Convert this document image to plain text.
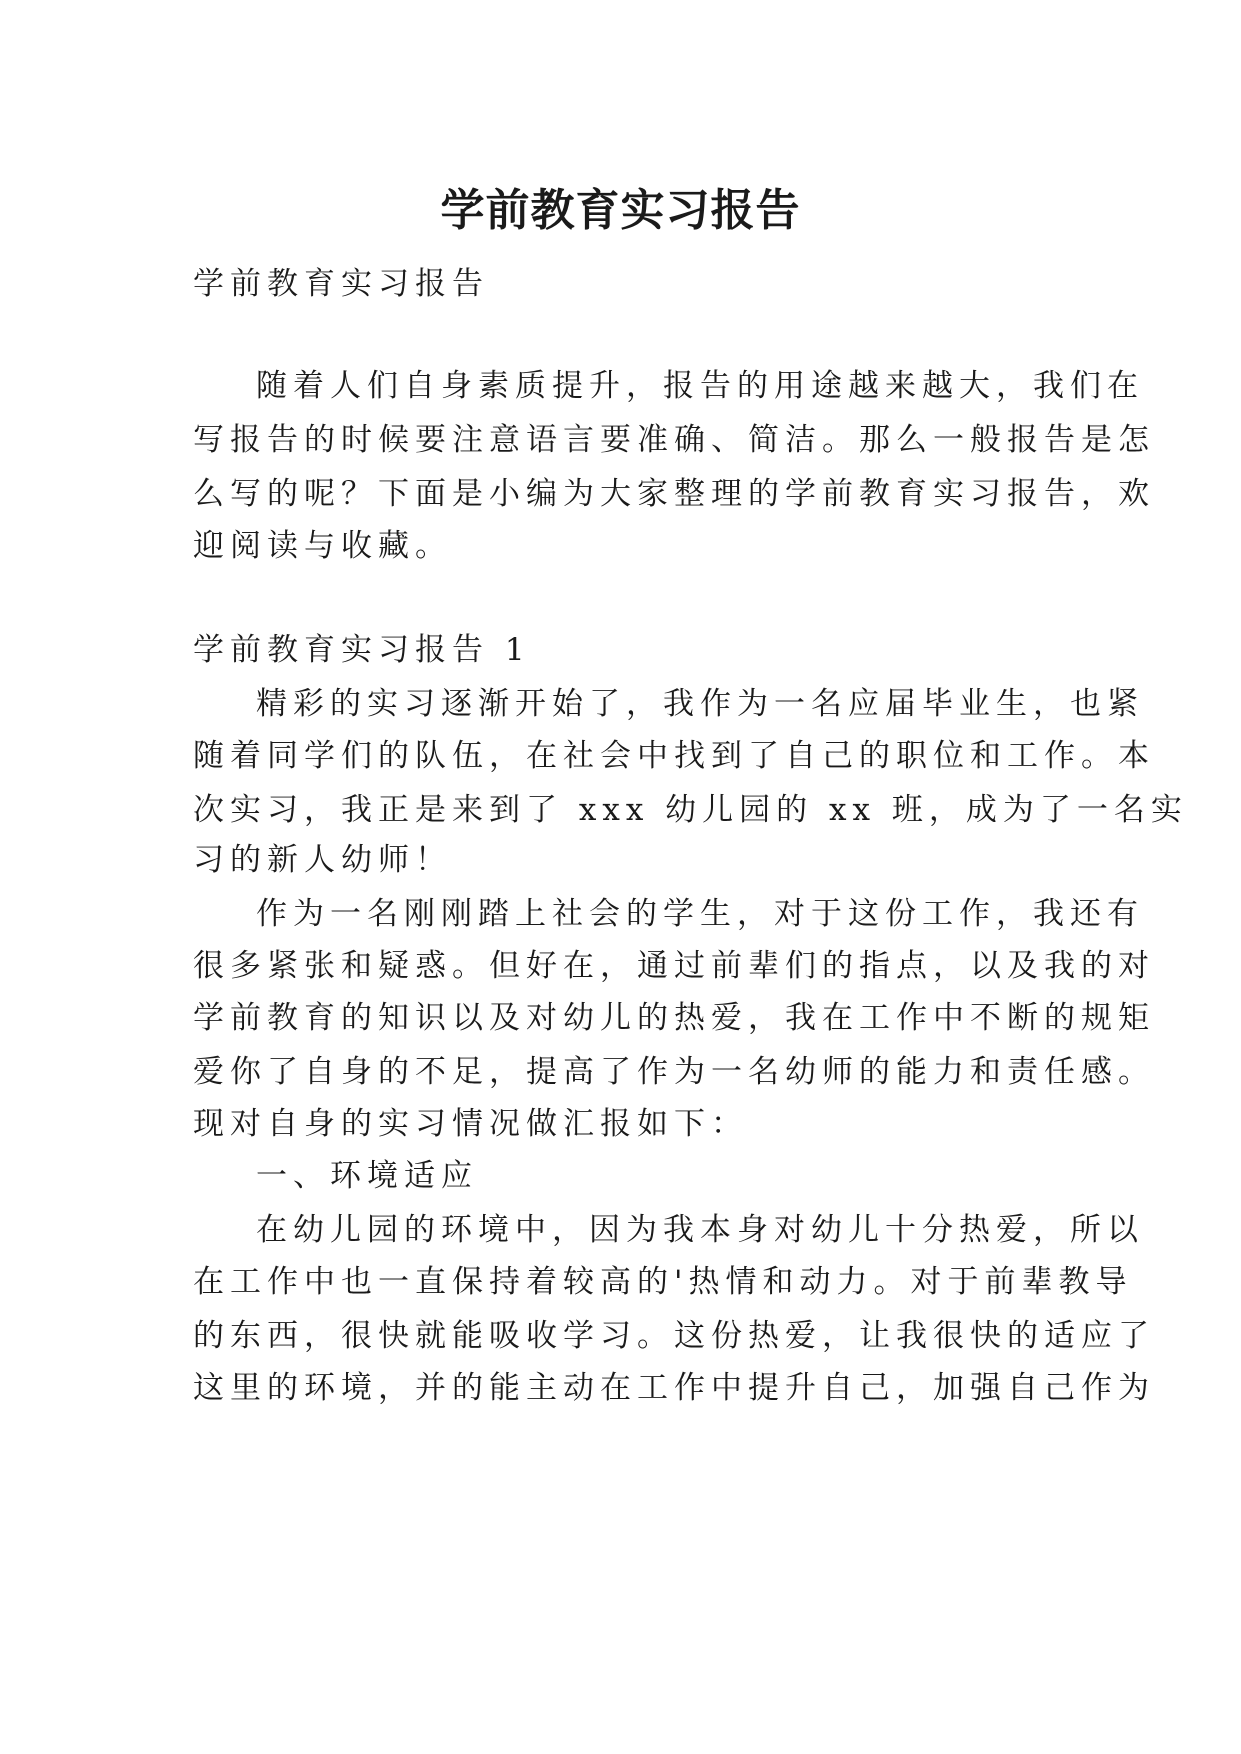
学前教育实习报告

学前教育实习报告

随着人们自身素质提升，报告的用途越来越大，我们在

写报告的时候要注意语言要准确、简洁。那么一般报告是怎

么写的呢？下面是小编为大家整理的学前教育实习报告，欢

迎阅读与收藏。

学前教育实习报告 1

精彩的实习逐渐开始了，我作为一名应届毕业生，也紧

随着同学们的队伍，在社会中找到了自己的职位和工作。本

次实习，我正是来到了 xxx 幼儿园的 xx 班，成为了一名实

习的新人幼师！

作为一名刚刚踏上社会的学生，对于这份工作，我还有

很多紧张和疑惑。但好在，通过前辈们的指点，以及我的对

学前教育的知识以及对幼儿的热爱，我在工作中不断的规矩

爱你了自身的不足，提高了作为一名幼师的能力和责任感。

现对自身的实习情况做汇报如下：

一、环境适应

在幼儿园的环境中，因为我本身对幼儿十分热爱，所以

在工作中也一直保持着较高的'热情和动力。对于前辈教导

的东西，很快就能吸收学习。这份热爱，让我很快的适应了

这里的环境，并的能主动在工作中提升自己，加强自己作为
